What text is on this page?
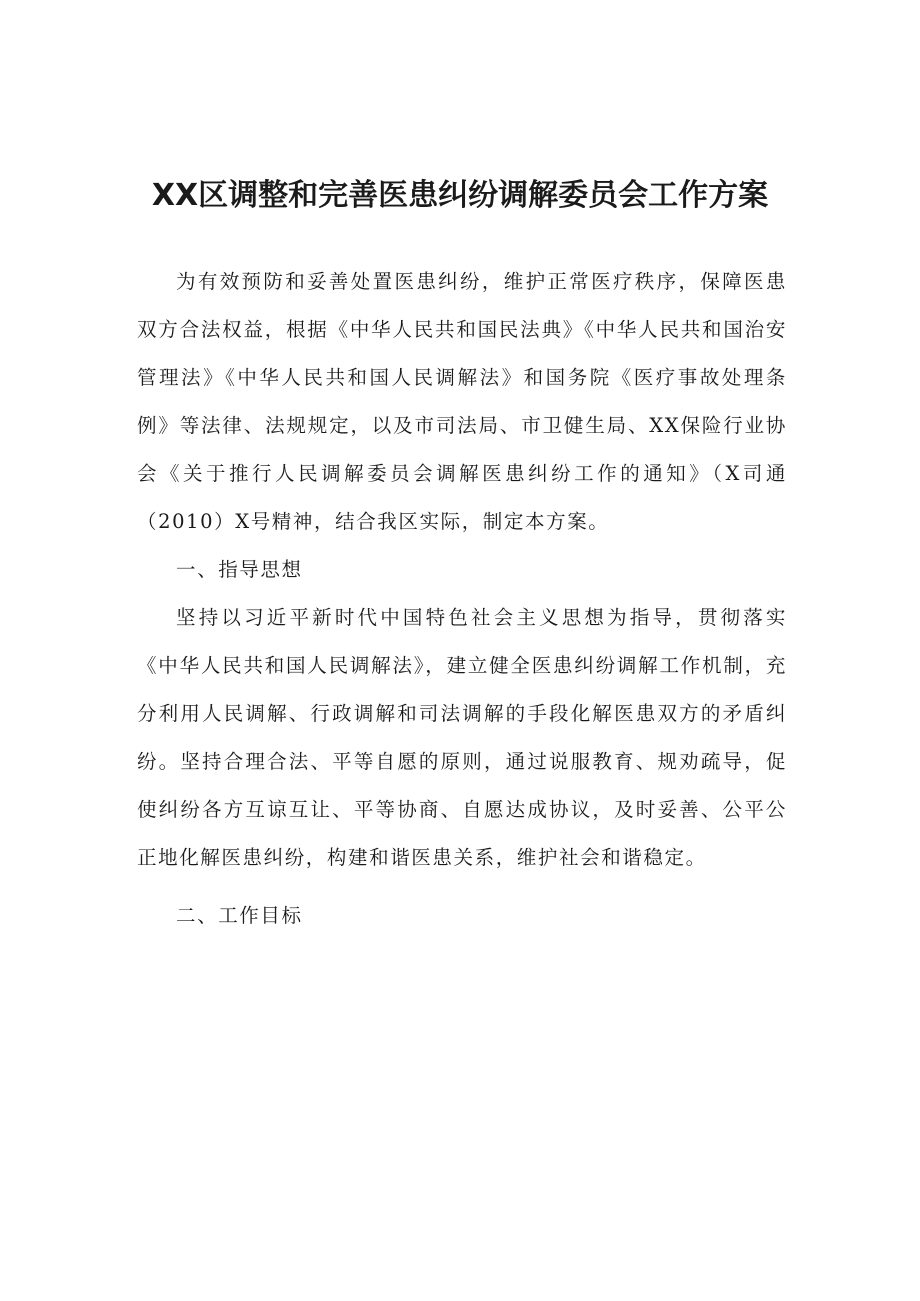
XX区调整和完善医患纠纷调解委员会工作方案

为有效预防和妥善处置医患纠纷，维护正常医疗秩序，保障医患双方合法权益，根据《中华人民共和国民法典》《中华人民共和国治安管理法》《中华人民共和国人民调解法》和国务院《医疗事故处理条例》等法律、法规规定，以及市司法局、市卫健生局、XX保险行业协会《关于推行人民调解委员会调解医患纠纷工作的通知》（X司通（2010）X号精神，结合我区实际，制定本方案。

一、指导思想

坚持以习近平新时代中国特色社会主义思想为指导，贯彻落实《中华人民共和国人民调解法》，建立健全医患纠纷调解工作机制，充分利用人民调解、行政调解和司法调解的手段化解医患双方的矛盾纠纷。坚持合理合法、平等自愿的原则，通过说服教育、规劝疏导，促使纠纷各方互谅互让、平等协商、自愿达成协议，及时妥善、公平公正地化解医患纠纷，构建和谐医患关系，维护社会和谐稳定。

二、工作目标
